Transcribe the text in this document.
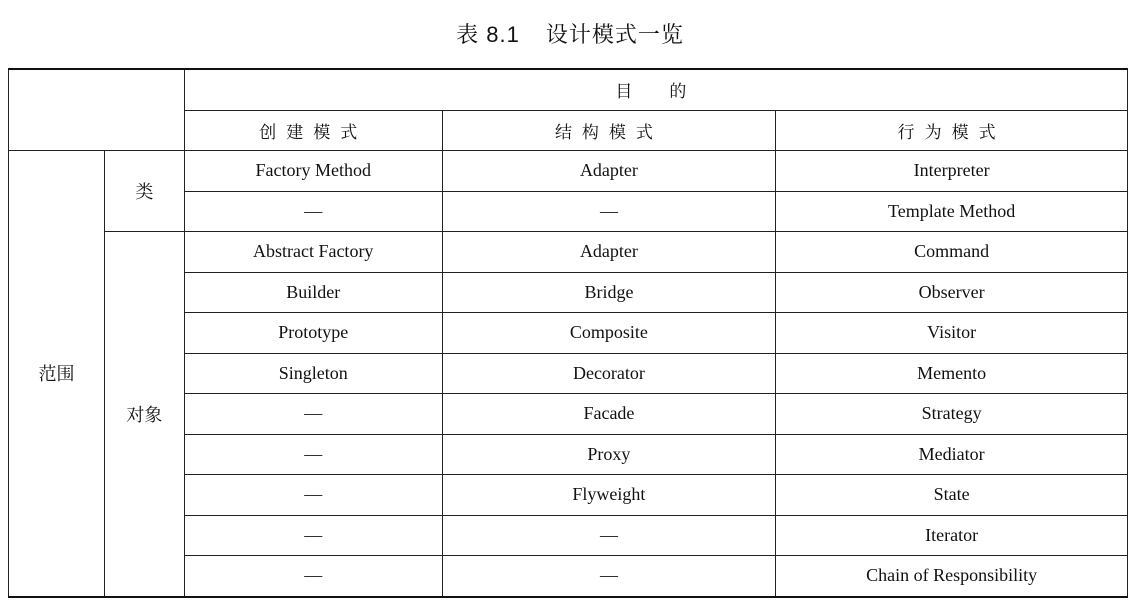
表 8.1 设计模式一览
		目　的		
		创建模式	结构模式	行为模式
范围	类	Factory Method	Adapter	Interpreter
		—	—	Template Method
	对象	Abstract Factory	Adapter	Command
		Builder	Bridge	Observer
		Prototype	Composite	Visitor
		Singleton	Decorator	Memento
		—	Facade	Strategy
		—	Proxy	Mediator
		—	Flyweight	State
		—	—	Iterator
		—	—	Chain of Responsibility
